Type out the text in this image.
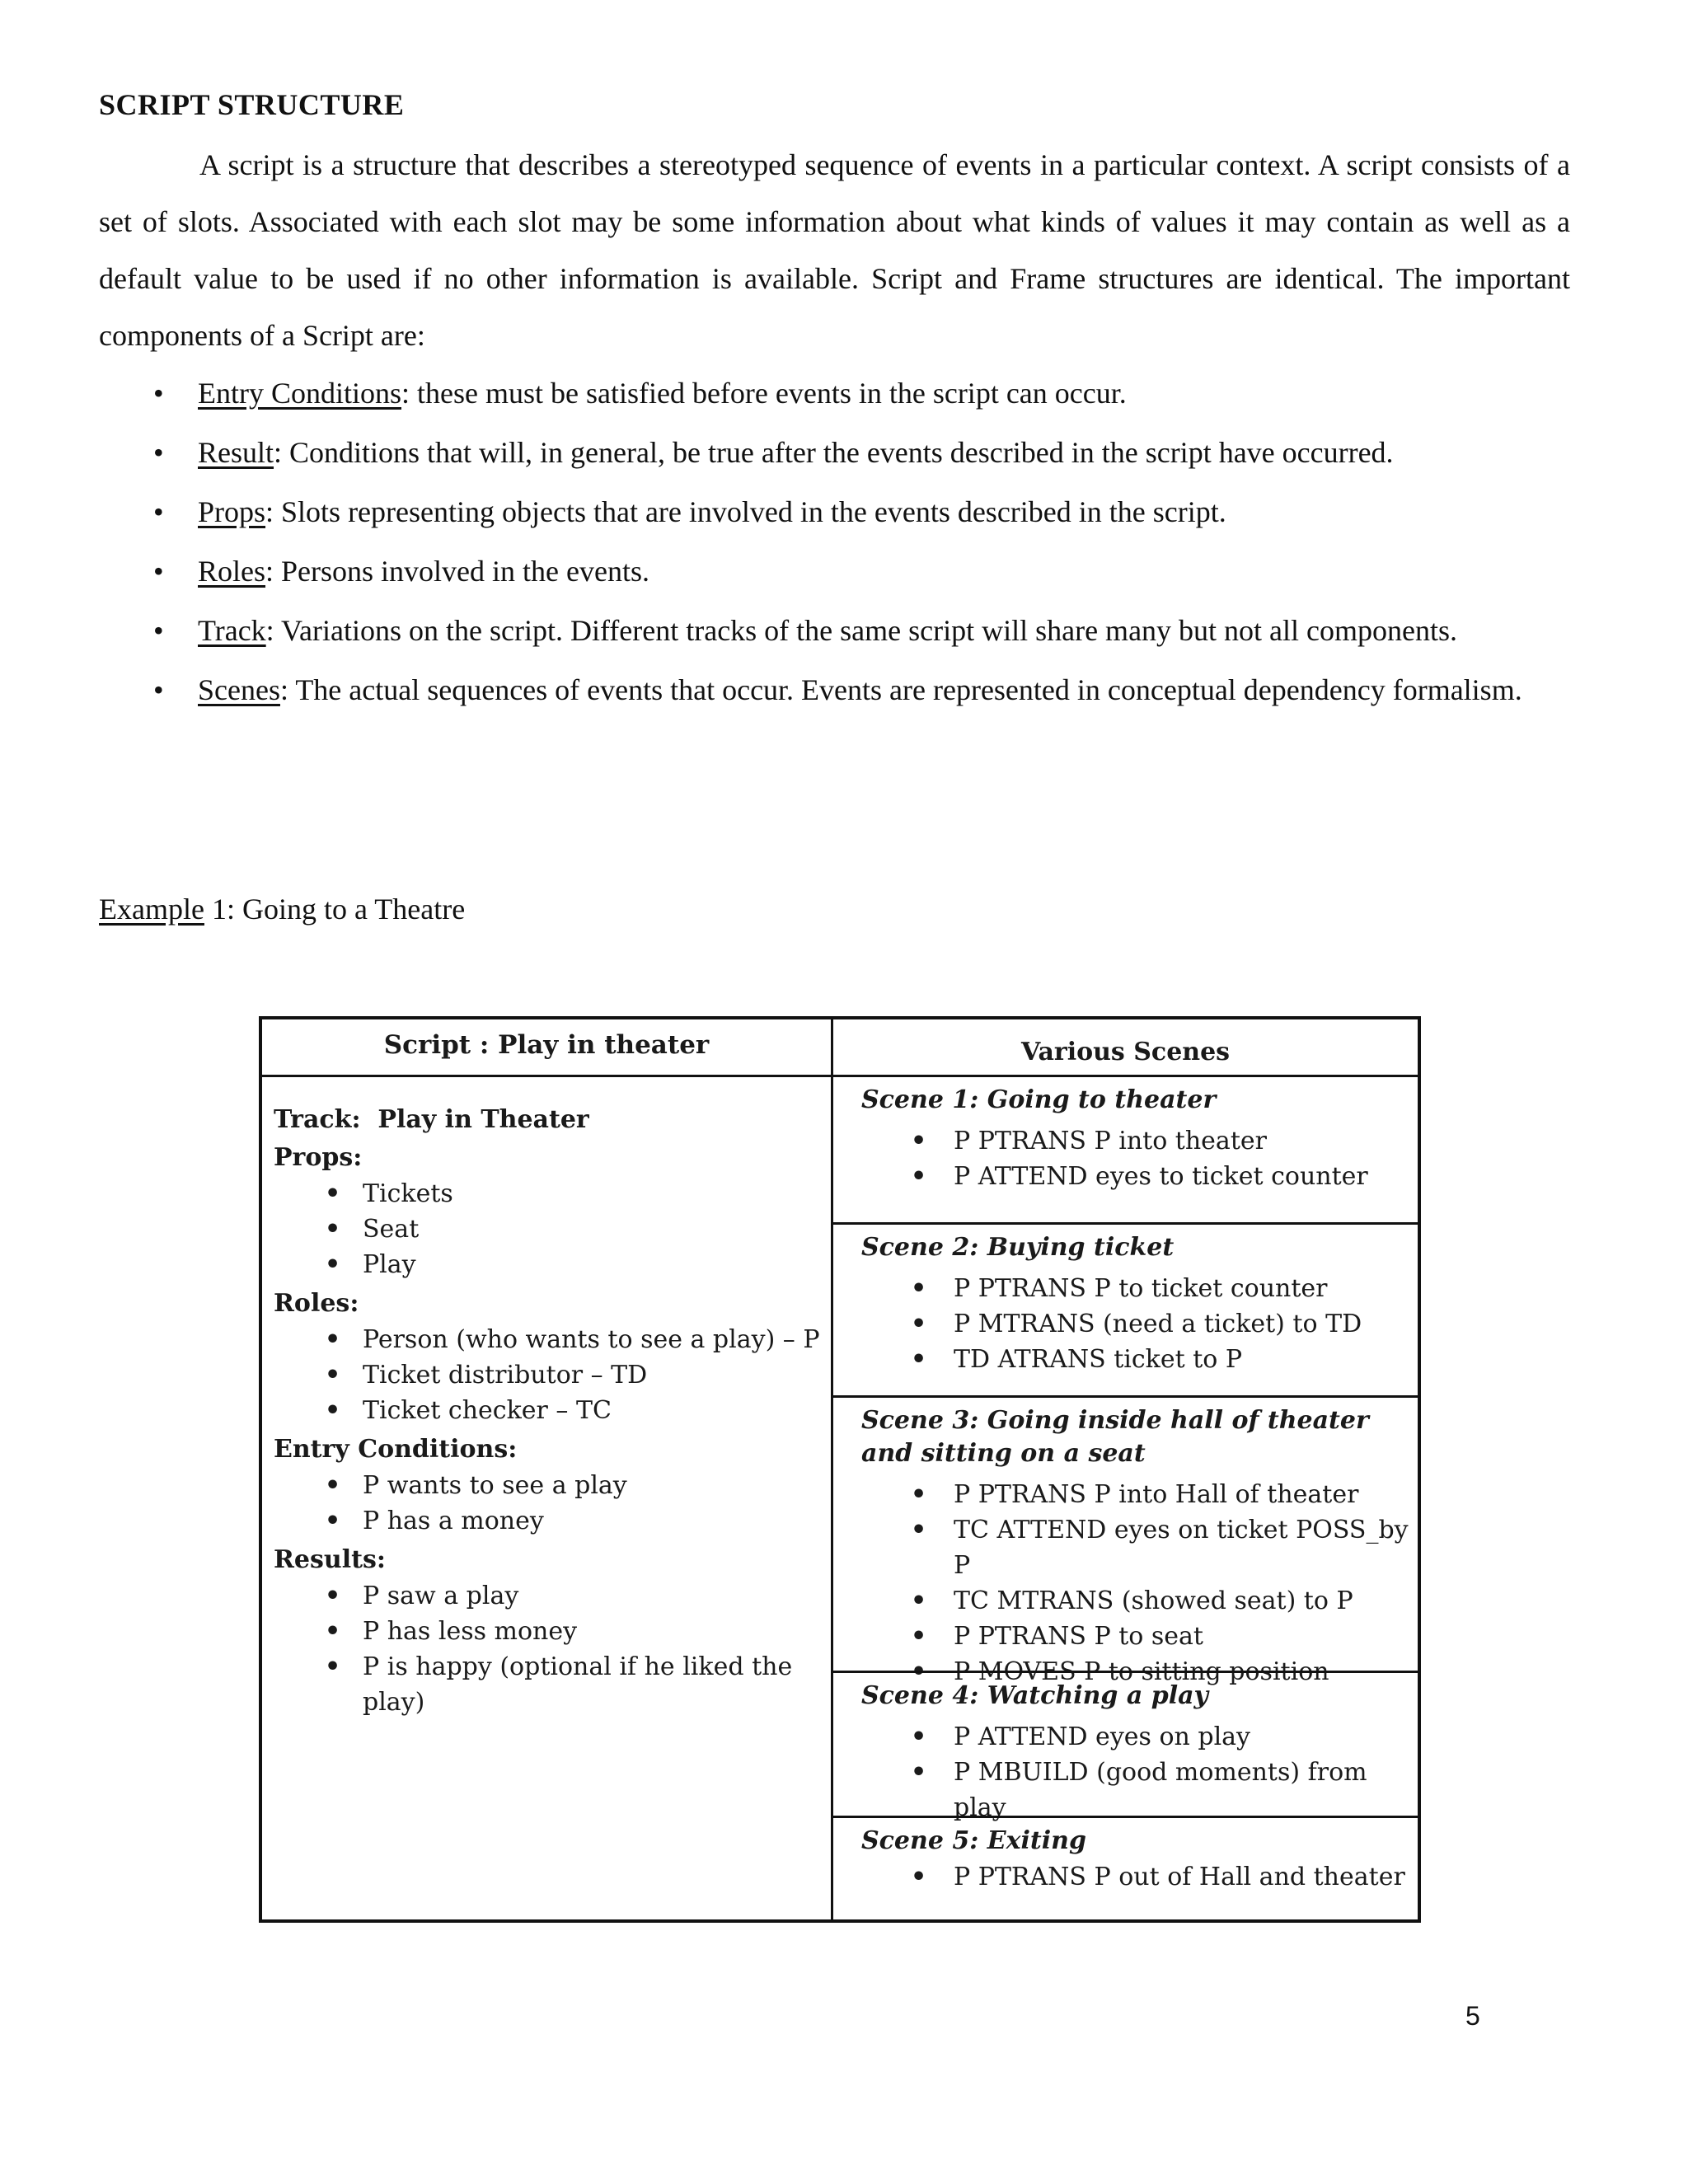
SCRIPT STRUCTURE

A script is a structure that describes a stereotyped sequence of events in a particular context. A script consists of a set of slots. Associated with each slot may be some information about what kinds of values it may contain as well as a default value to be used if no other information is available. Script and Frame structures are identical. The important components of a Script are:

• Entry Conditions: these must be satisfied before events in the script can occur.
• Result: Conditions that will, in general, be true after the events described in the script have occurred.
• Props: Slots representing objects that are involved in the events described in the script.
• Roles: Persons involved in the events.
• Track: Variations on the script. Different tracks of the same script will share many but not all components.
• Scenes: The actual sequences of events that occur. Events are represented in conceptual dependency formalism.
Example 1: Going to a Theatre
Script : Play in theater	Various Scenes
Track: Play in Theater
Props:
• Tickets
• Seat
• Play
Roles:
• Person (who wants to see a play) – P
• Ticket distributor – TD
• Ticket checker – TC
Entry Conditions:
• P wants to see a play
• P has a money
Results:
• P saw a play
• P has less money
• P is happy (optional if he liked the play)
Scene 1: Going to theater
• P PTRANS P into theater
• P ATTEND eyes to ticket counter
Scene 2: Buying ticket
• P PTRANS P to ticket counter
• P MTRANS (need a ticket) to TD
• TD ATRANS ticket to P
Scene 3: Going inside hall of theater and sitting on a seat
• P PTRANS P into Hall of theater
• TC ATTEND eyes on ticket POSS_by P
• TC MTRANS (showed seat) to P
• P PTRANS P to seat
• P MOVES P to sitting position
Scene 4: Watching a play
• P ATTEND eyes on play
• P MBUILD (good moments) from play
Scene 5: Exiting
• P PTRANS P out of Hall and theater
5
